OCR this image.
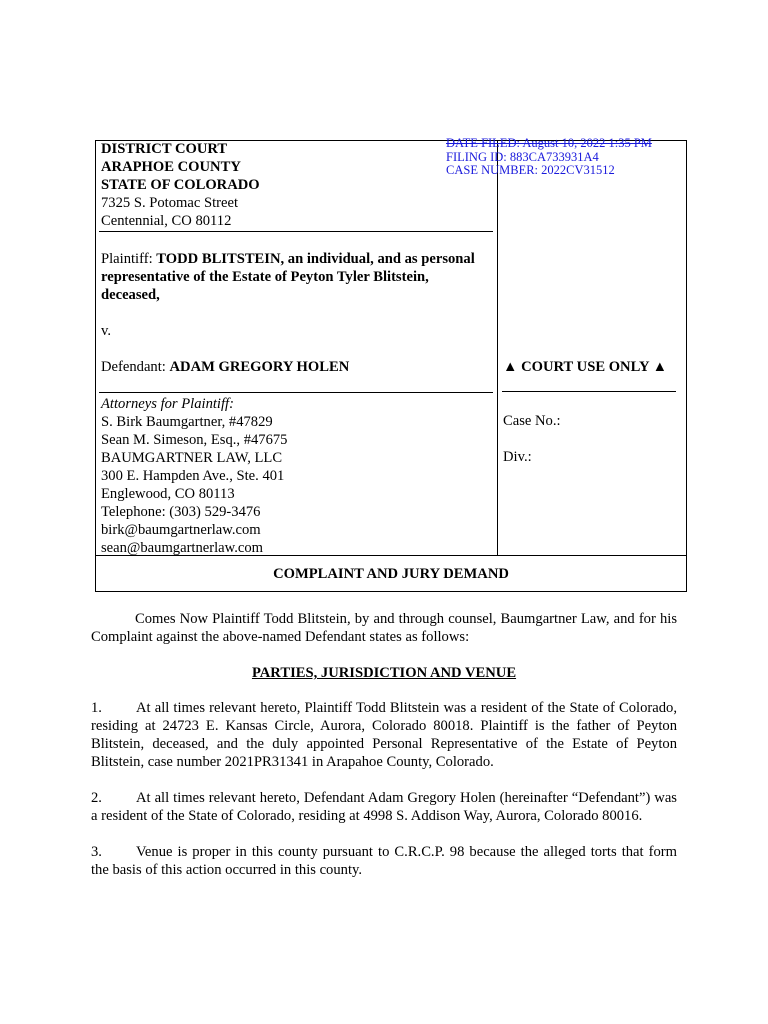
DISTRICT COURT
ARAPHOE COUNTY
STATE OF COLORADO
7325 S. Potomac Street
Centennial, CO 80112
Plaintiff: TODD BLITSTEIN, an individual, and as personal
representative of the Estate of Peyton Tyler Blitstein,
deceased,
v.
Defendant: ADAM GREGORY HOLEN
Attorneys for Plaintiff:
S. Birk Baumgartner, #47829
Sean M. Simeson, Esq., #47675
BAUMGARTNER LAW, LLC
300 E. Hampden Ave., Ste. 401
Englewood, CO 80113
Telephone: (303) 529-3476
birk@baumgartnerlaw.com
sean@baumgartnerlaw.com
DATE FILED: August 10, 2022 1:35 PM
FILING ID: 883CA733931A4
CASE NUMBER: 2022CV31512
▲ COURT USE ONLY ▲
Case No.:
Div.:
COMPLAINT AND JURY DEMAND
Comes Now Plaintiff Todd Blitstein, by and through counsel, Baumgartner Law, and for his Complaint against the above-named Defendant states as follows:
PARTIES, JURISDICTION AND VENUE
1. At all times relevant hereto, Plaintiff Todd Blitstein was a resident of the State of Colorado, residing at 24723 E. Kansas Circle, Aurora, Colorado 80018. Plaintiff is the father of Peyton Blitstein, deceased, and the duly appointed Personal Representative of the Estate of Peyton Blitstein, case number 2021PR31341 in Arapahoe County, Colorado.
2. At all times relevant hereto, Defendant Adam Gregory Holen (hereinafter “Defendant”) was a resident of the State of Colorado, residing at 4998 S. Addison Way, Aurora, Colorado 80016.
3. Venue is proper in this county pursuant to C.R.C.P. 98 because the alleged torts that form the basis of this action occurred in this county.
